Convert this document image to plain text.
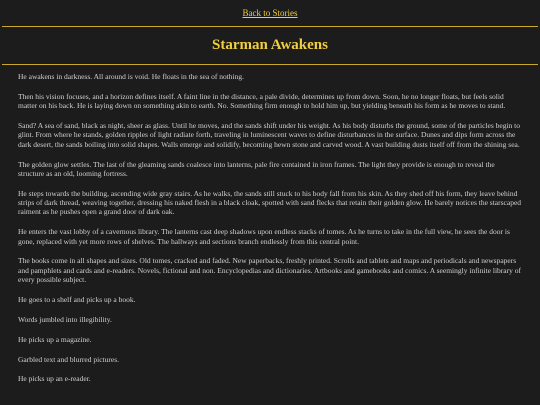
Back to Stories
Starman Awakens

He awakens in darkness. All around is void. He floats in the sea of nothing.

Then his vision focuses, and a horizon defines itself. A faint line in the distance, a pale divide, determines up from down. Soon, he no longer floats, but feels solid matter on his back. He is laying down on something akin to earth. No. Something firm enough to hold him up, but yielding beneath his form as he moves to stand.

Sand? A sea of sand, black as night, sheer as glass. Until he moves, and the sands shift under his weight. As his body disturbs the ground, some of the particles begin to glint. From where he stands, golden ripples of light radiate forth, traveling in luminescent waves to define disturbances in the surface. Dunes and dips form across the dark desert, the sands boiling into solid shapes. Walls emerge and solidify, becoming hewn stone and carved wood. A vast building dusts itself off from the shining sea.

The golden glow settles. The last of the gleaming sands coalesce into lanterns, pale fire contained in iron frames. The light they provide is enough to reveal the structure as an old, looming fortress.

He steps towards the building, ascending wide gray stairs. As he walks, the sands still stuck to his body fall from his skin. As they shed off his form, they leave behind strips of dark thread, weaving together, dressing his naked flesh in a black cloak, spotted with sand flecks that retain their golden glow. He barely notices the starscaped raiment as he pushes open a grand door of dark oak.

He enters the vast lobby of a cavernous library. The lanterns cast deep shadows upon endless stacks of tomes. As he turns to take in the full view, he sees the door is gone, replaced with yet more rows of shelves. The hallways and sections branch endlessly from this central point.

The books come in all shapes and sizes. Old tomes, cracked and faded. New paperbacks, freshly printed. Scrolls and tablets and maps and periodicals and newspapers and pamphlets and cards and e-readers. Novels, fictional and non. Encyclopedias and dictionaries. Artbooks and gamebooks and comics. A seemingly infinite library of every possible subject.

He goes to a shelf and picks up a book.

Words jumbled into illegibility.

He picks up a magazine.

Garbled text and blurred pictures.

He picks up an e-reader.
